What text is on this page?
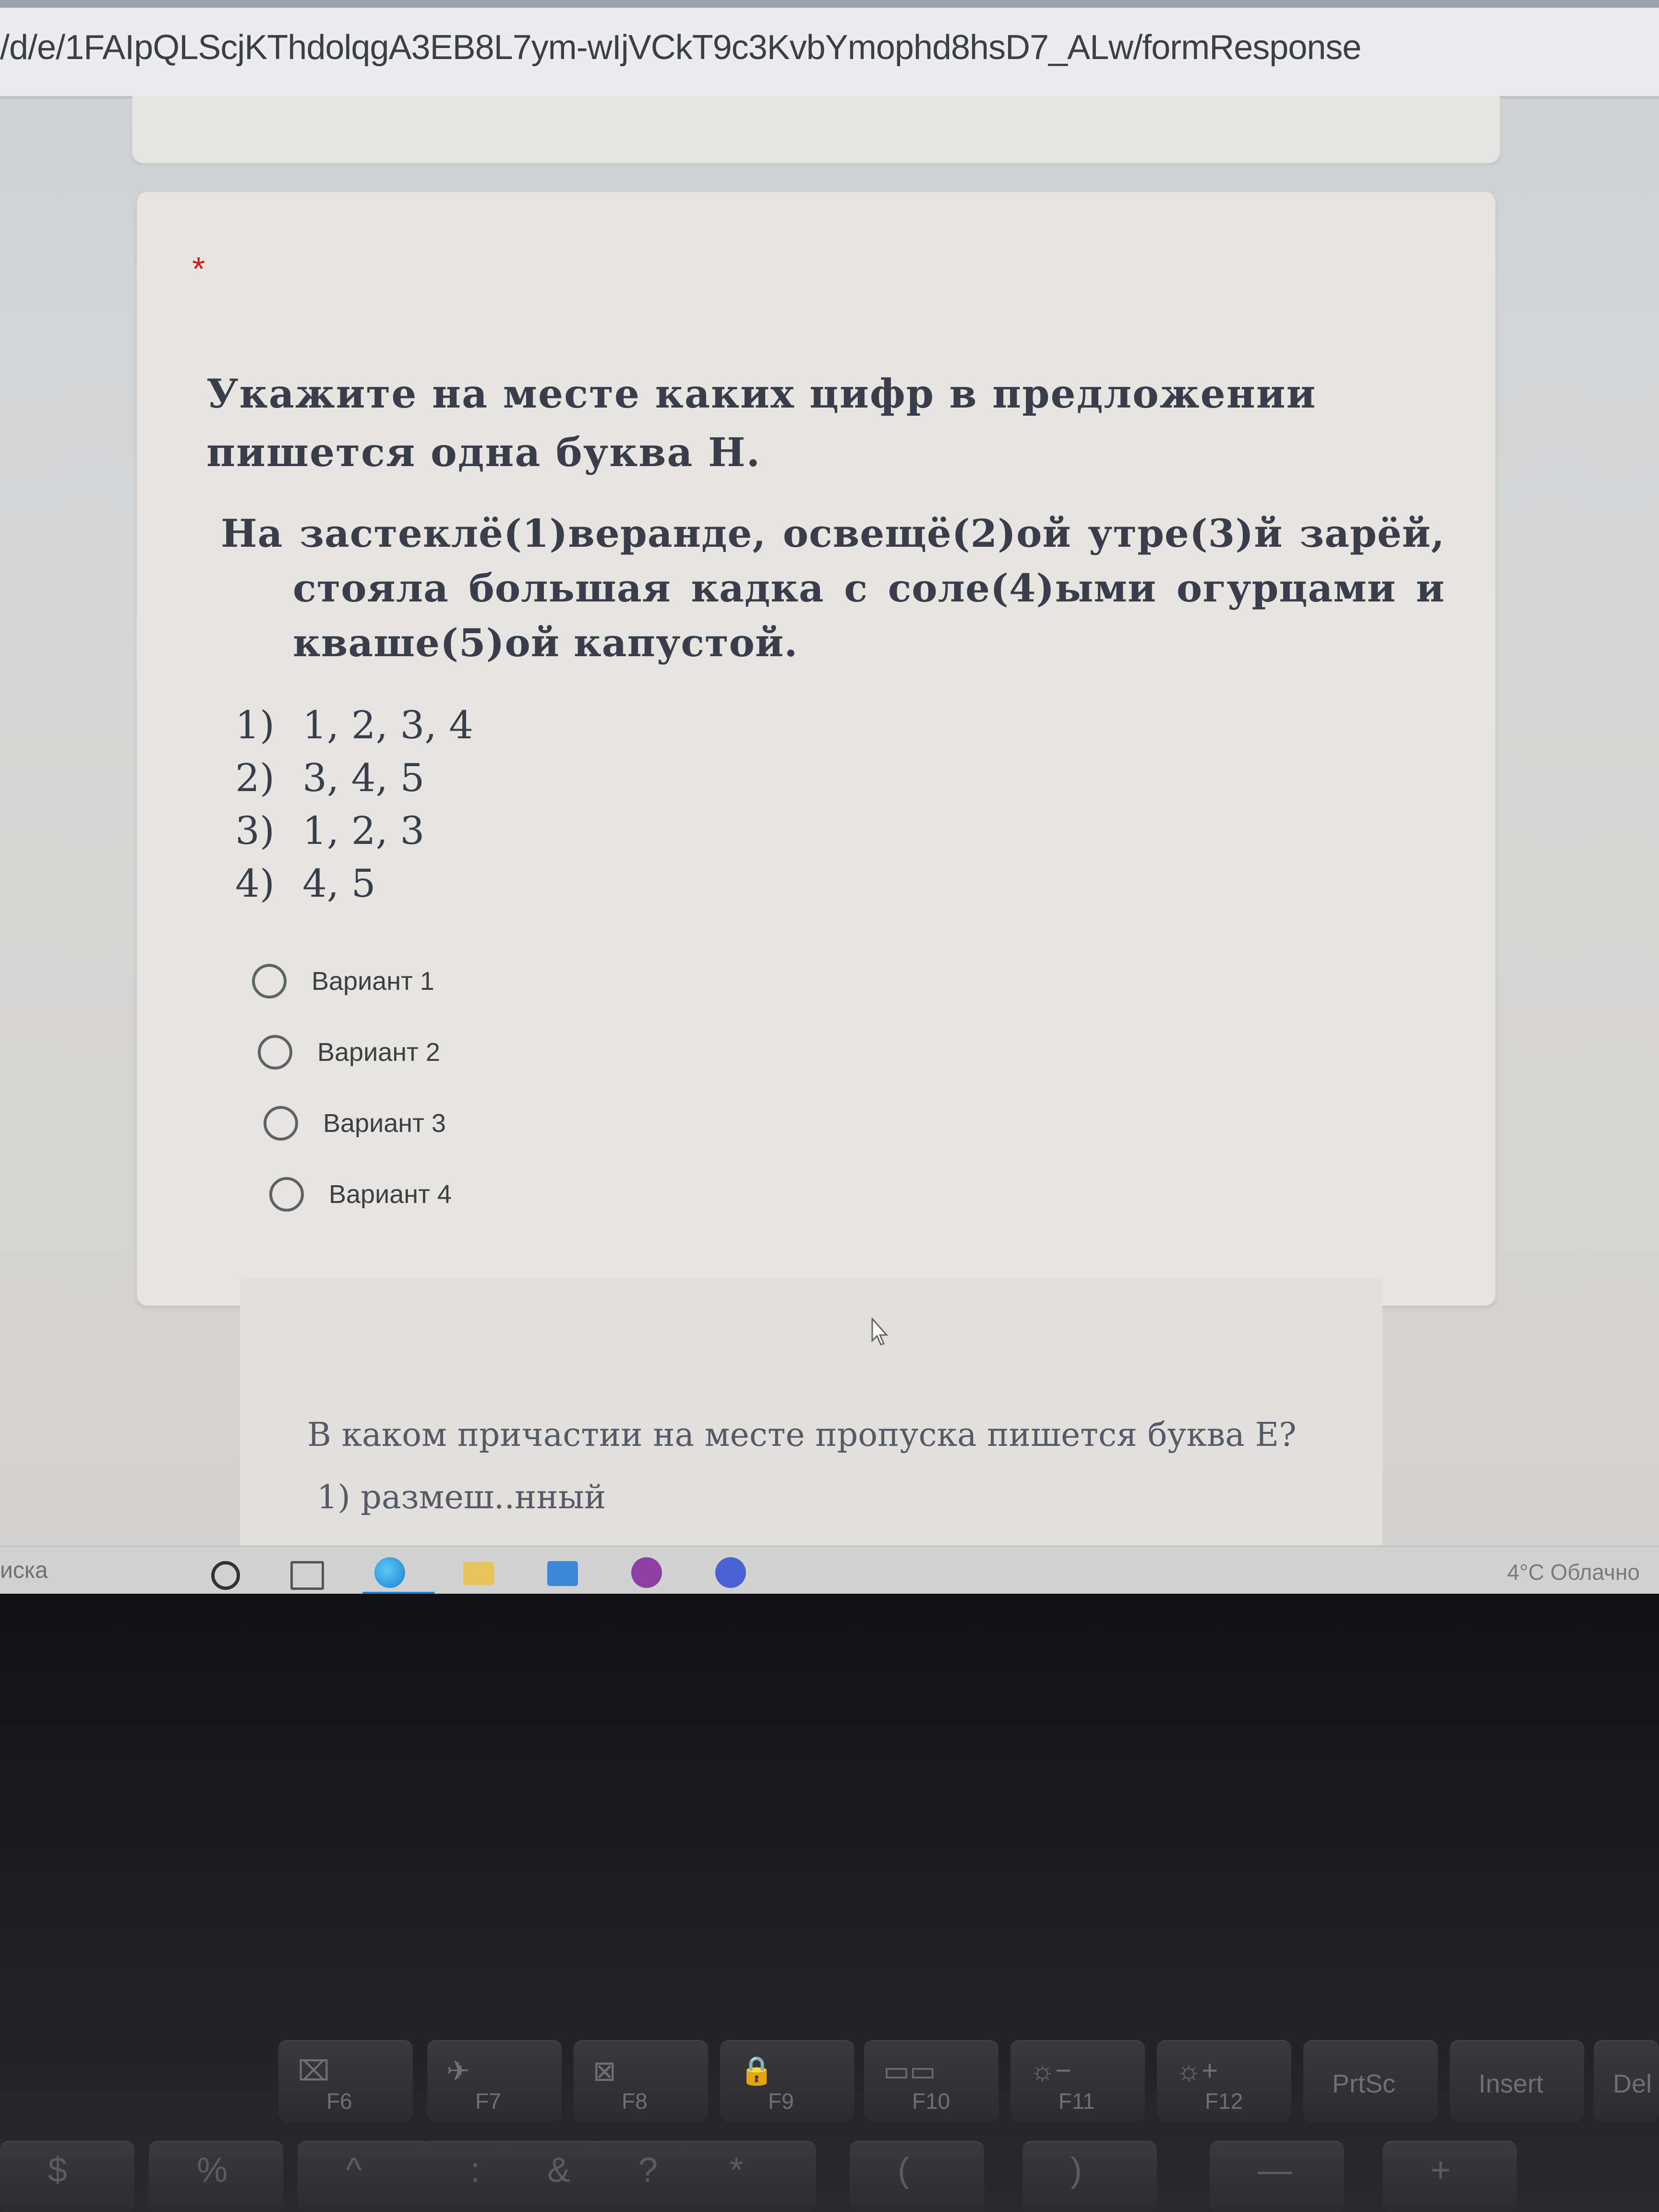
/d/e/1FAIpQLScjKThdolqgA3EB8L7ym-wIjVCkT9c3KvbYmophd8hsD7_ALw/formResponse
*

Укажите на месте каких цифр в предложении пишется одна буква Н.

На застеклё(1)веранде, освещё(2)ой утре(3)й зарёй, стояла большая кадка с соле(4)ыми огурцами и кваше(5)ой капустой.

1) 1, 2, 3, 4
2) 3, 4, 5
3) 1, 2, 3
4) 4, 5
Вариант 1
Вариант 2
Вариант 3
Вариант 4
В каком причастии на месте пропуска пишется буква Е?
1) размеш..нный
иска	4°C Облачно
⌧
F6
✈
F7
⊠
F8
🔒
F9
▭▭
F10
☼−
F11
☼+
F12
PrtSc	Insert	Del
$	%	^	: & ? *	(	)	—	+
